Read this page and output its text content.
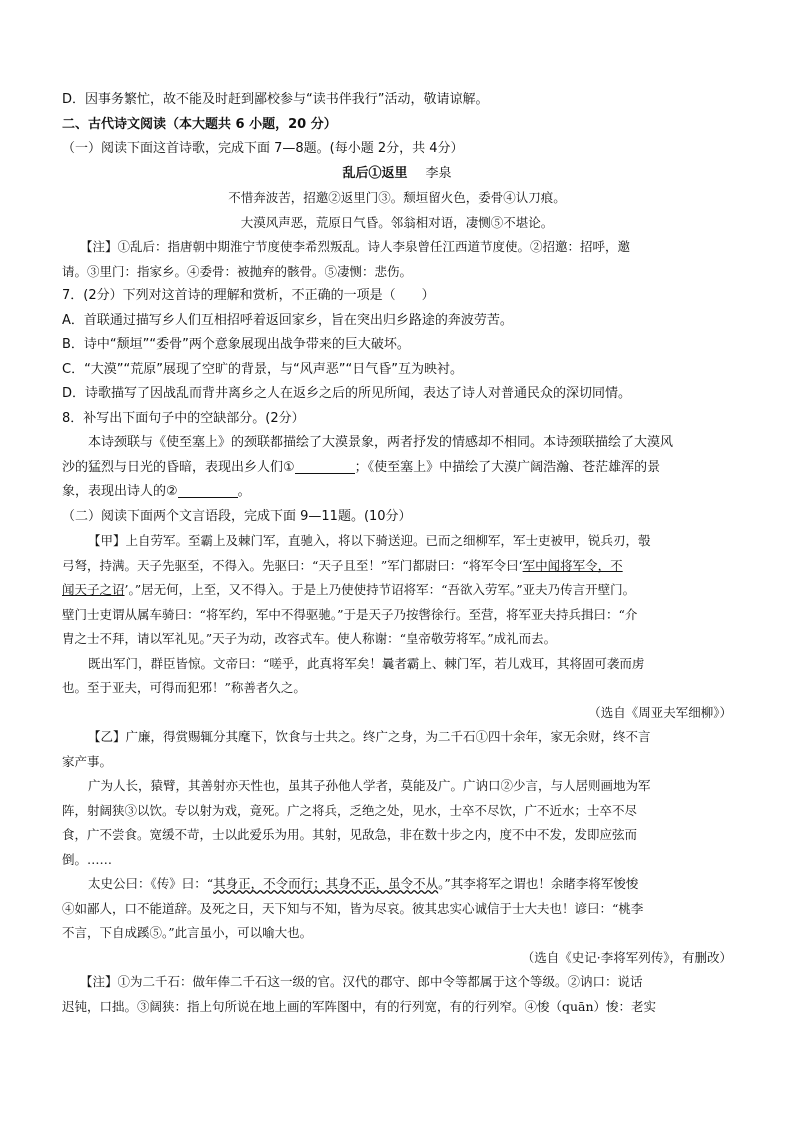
D．因事务繁忙，故不能及时赶到鄙校参与“读书伴我行”活动，敬请谅解。
二、古代诗文阅读（本大题共 6 小题，20 分）
（一）阅读下面这首诗歌，完成下面 7—8题。(每小题 2分，共 4分）
乱后①返里 李泉
不惜奔波苦，招邀②返里门③。颓垣留火色，委骨④认刀痕。
大漠风声恶，荒原日气昏。邻翁相对语，凄恻⑤不堪论。
【注】①乱后：指唐朝中期淮宁节度使李希烈叛乱。诗人李泉曾任江西道节度使。②招邀：招呼，邀
请。③里门：指家乡。④委骨：被抛弃的骸骨。⑤凄恻：悲伤。
7．(2分）下列对这首诗的理解和赏析，不正确的一项是（　　）
A．首联通过描写乡人们互相招呼着返回家乡，旨在突出归乡路途的奔波劳苦。
B．诗中“颓垣”“委骨”两个意象展现出战争带来的巨大破坏。
C．“大漠”“荒原”展现了空旷的背景，与“风声恶”“日气昏”互为映衬。
D．诗歌描写了因战乱而背井离乡之人在返乡之后的所见所闻，表达了诗人对普通民众的深切同情。
8．补写出下面句子中的空缺部分。(2分）
本诗颈联与《使至塞上》的颈联都描绘了大漠景象，两者抒发的情感却不相同。本诗颈联描绘了大漠风
沙的猛烈与日光的昏暗，表现出乡人们①	；《使至塞上》中描绘了大漠广阔浩瀚、苍茫雄浑的景
象，表现出诗人的②	。
（二）阅读下面两个文言语段，完成下面 9—11题。(10分）
【甲】上自劳军。至霸上及棘门军，直驰入，将以下骑送迎。已而之细柳军，军士吏被甲，锐兵刃，彀
弓弩，持满。天子先驱至，不得入。先驱曰：“天子且至！”军门都尉曰：“将军令曰‘军中闻将军令，不
闻天子之诏’。”居无何，上至，又不得入。于是上乃使使持节诏将军：“吾欲入劳军。”亚夫乃传言开壁门。
壁门士吏谓从属车骑曰：“将军约，军中不得驱驰。”于是天子乃按辔徐行。至营，将军亚夫持兵揖曰：“介
胄之士不拜，请以军礼见。”天子为动，改容式车。使人称谢：“皇帝敬劳将军。”成礼而去。
既出军门，群臣皆惊。文帝曰：“嗟乎，此真将军矣！曩者霸上、棘门军，若儿戏耳，其将固可袭而虏
也。至于亚夫，可得而犯邪！”称善者久之。
（选自《周亚夫军细柳》）
【乙】广廉，得赏赐辄分其麾下，饮食与士共之。终广之身，为二千石①四十余年，家无余财，终不言
家产事。
广为人长，猿臂，其善射亦天性也，虽其子孙他人学者，莫能及广。广讷口②少言，与人居则画地为军
阵，射阔狭③以饮。专以射为戏，竟死。广之将兵，乏绝之处，见水，士卒不尽饮，广不近水；士卒不尽
食，广不尝食。宽缓不苛，士以此爱乐为用。其射，见敌急，非在数十步之内，度不中不发，发即应弦而
倒。……
太史公曰：《传》曰：“其身正，不令而行；其身不正，虽令不从。”其李将军之谓也！余睹李将军悛悛
④如鄙人，口不能道辞。及死之日，天下知与不知，皆为尽哀。彼其忠实心诚信于士大夫也！谚曰：“桃李
不言，下自成蹊⑤。”此言虽小，可以喻大也。
（选自《史记·李将军列传》，有删改）
【注】①为二千石：做年俸二千石这一级的官。汉代的郡守、郎中令等都属于这个等级。②讷口：说话
迟钝，口拙。③阔狭：指上句所说在地上画的军阵图中，有的行列宽，有的行列窄。④悛（quān）悛：老实
